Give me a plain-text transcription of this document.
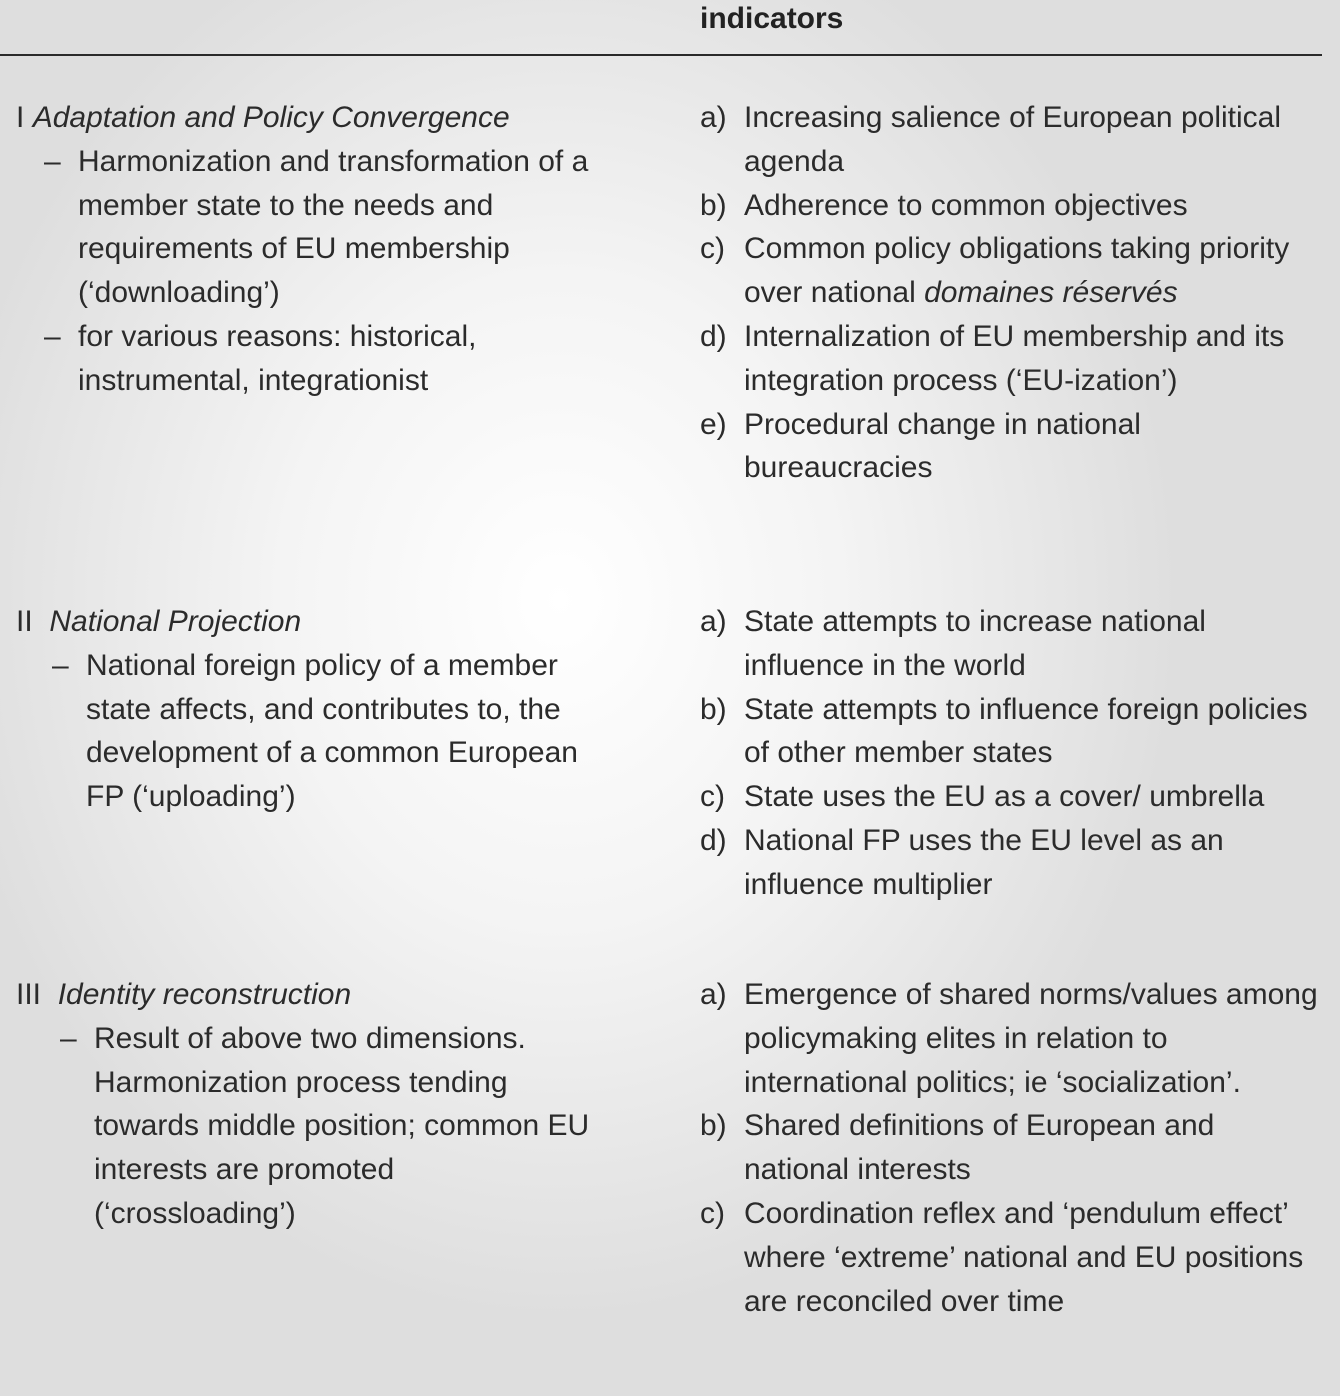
indicators
I
Adaptation and Policy Convergence
– Harmonization and transformation of a member state to the needs and requirements of EU membership (‘downloading’)
– for various reasons: historical, instrumental, integrationist
a) Increasing salience of European political agenda
b) Adherence to common objectives
c) Common policy obligations taking priority over national domaines réservés
d) Internalization of EU membership and its integration process (‘EU-ization’)
e) Procedural change in national bureaucracies
II
National Projection
– National foreign policy of a member state affects, and contributes to, the development of a common European FP (‘uploading’)
a) State attempts to increase national influence in the world
b) State attempts to influence foreign policies of other member states
c) State uses the EU as a cover/ umbrella
d) National FP uses the EU level as an influence multiplier
III
Identity reconstruction
– Result of above two dimensions. Harmonization process tending towards middle position; common EU interests are promoted (‘crossloading’)
a) Emergence of shared norms/values among policymaking elites in relation to international politics; ie ‘socialization’.
b) Shared definitions of European and national interests
c) Coordination reflex and ‘pendulum effect’ where ‘extreme’ national and EU positions are reconciled over time
